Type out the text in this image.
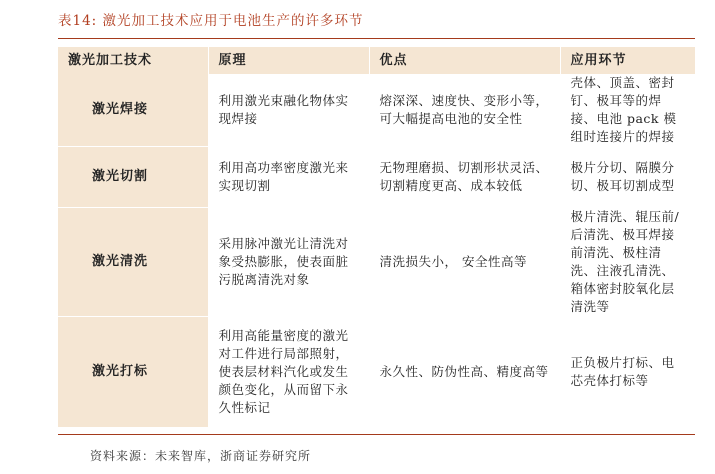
表14: 激光加工技术应用于电池生产的许多环节
激光加工技术	原理	优点	应用环节
激光焊接	利用激光束融化物体实现焊接	熔深深、速度快、变形小等，可大幅提高电池的安全性	壳体、顶盖、密封钉、极耳等的焊接、电池 pack 模组时连接片的焊接
激光切割	利用高功率密度激光来实现切割	无物理磨损、切割形状灵活、切割精度更高、成本较低	极片分切、隔膜分切、极耳切割成型
激光清洗	采用脉冲激光让清洗对象受热膨胀，使表面脏污脱离清洗对象	清洗损失小， 安全性高等	极片清洗、辊压前/后清洗、极耳焊接前清洗、极柱清洗、注液孔清洗、箱体密封胶氧化层清洗等
激光打标	利用高能量密度的激光对工件进行局部照射，使表层材料汽化或发生颜色变化，从而留下永久性标记	永久性、防伪性高、精度高等	正负极片打标、电芯壳体打标等
资料来源：未来智库，浙商证券研究所
